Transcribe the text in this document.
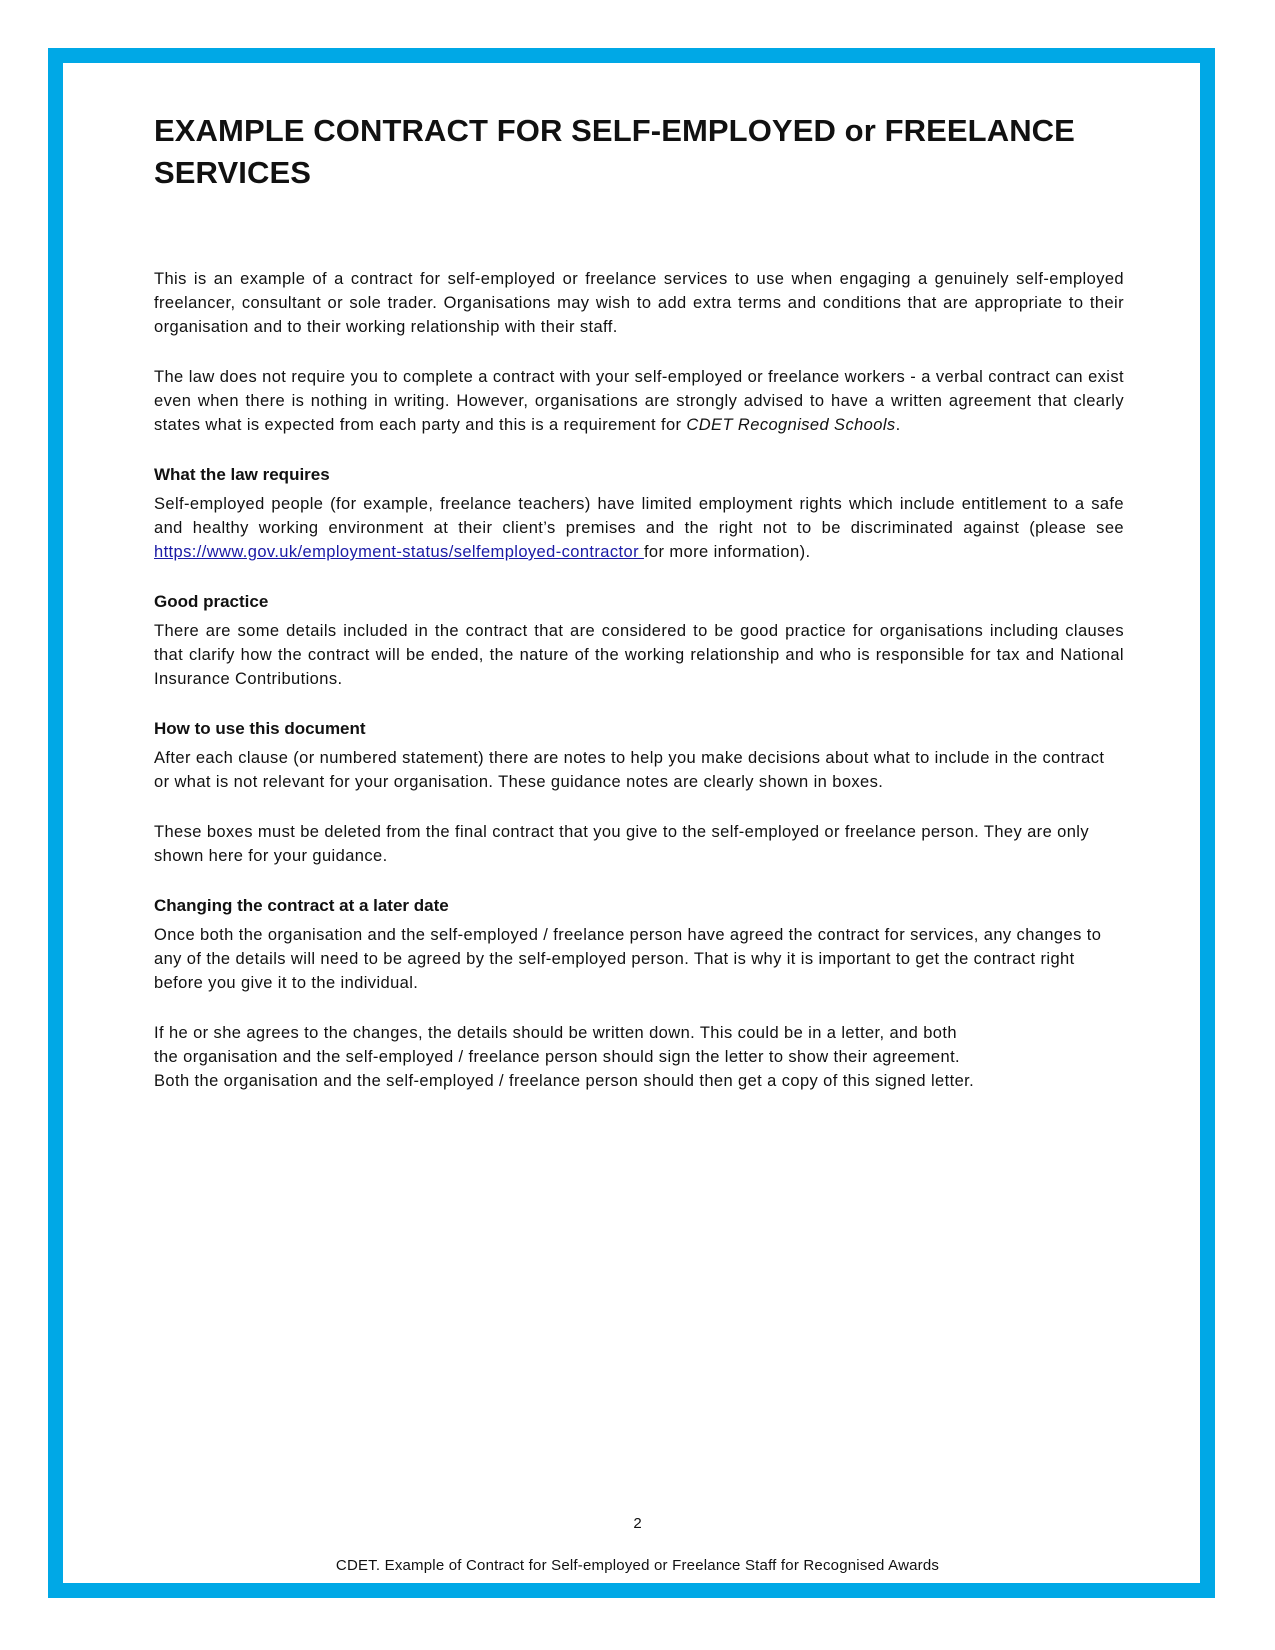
EXAMPLE CONTRACT FOR SELF-EMPLOYED or FREELANCE SERVICES

This is an example of a contract for self-employed or freelance services to use when engaging a genuinely self-employed freelancer, consultant or sole trader. Organisations may wish to add extra terms and conditions that are appropriate to their organisation and to their working relationship with their staff.

The law does not require you to complete a contract with your self-employed or freelance workers - a verbal contract can exist even when there is nothing in writing. However, organisations are strongly advised to have a written agreement that clearly states what is expected from each party and this is a requirement for CDET Recognised Schools.

What the law requires

Self-employed people (for example, freelance teachers) have limited employment rights which include entitlement to a safe and healthy working environment at their client’s premises and the right not to be discriminated against (please see https://www.gov.uk/employment-status/selfemployed-contractor for more information).

Good practice

There are some details included in the contract that are considered to be good practice for organisations including clauses that clarify how the contract will be ended, the nature of the working relationship and who is responsible for tax and National Insurance Contributions.

How to use this document

After each clause (or numbered statement) there are notes to help you make decisions about what to include in the contract or what is not relevant for your organisation. These guidance notes are clearly shown in boxes.

These boxes must be deleted from the final contract that you give to the self-employed or freelance person. They are only shown here for your guidance.

Changing the contract at a later date

Once both the organisation and the self-employed / freelance person have agreed the contract for services, any changes to any of the details will need to be agreed by the self-employed person. That is why it is important to get the contract right before you give it to the individual.

If he or she agrees to the changes, the details should be written down. This could be in a letter, and both
the organisation and the self-employed / freelance person should sign the letter to show their agreement.
Both the organisation and the self-employed / freelance person should then get a copy of this signed letter.

2
CDET. Example of Contract for Self-employed or Freelance Staff for Recognised Awards
